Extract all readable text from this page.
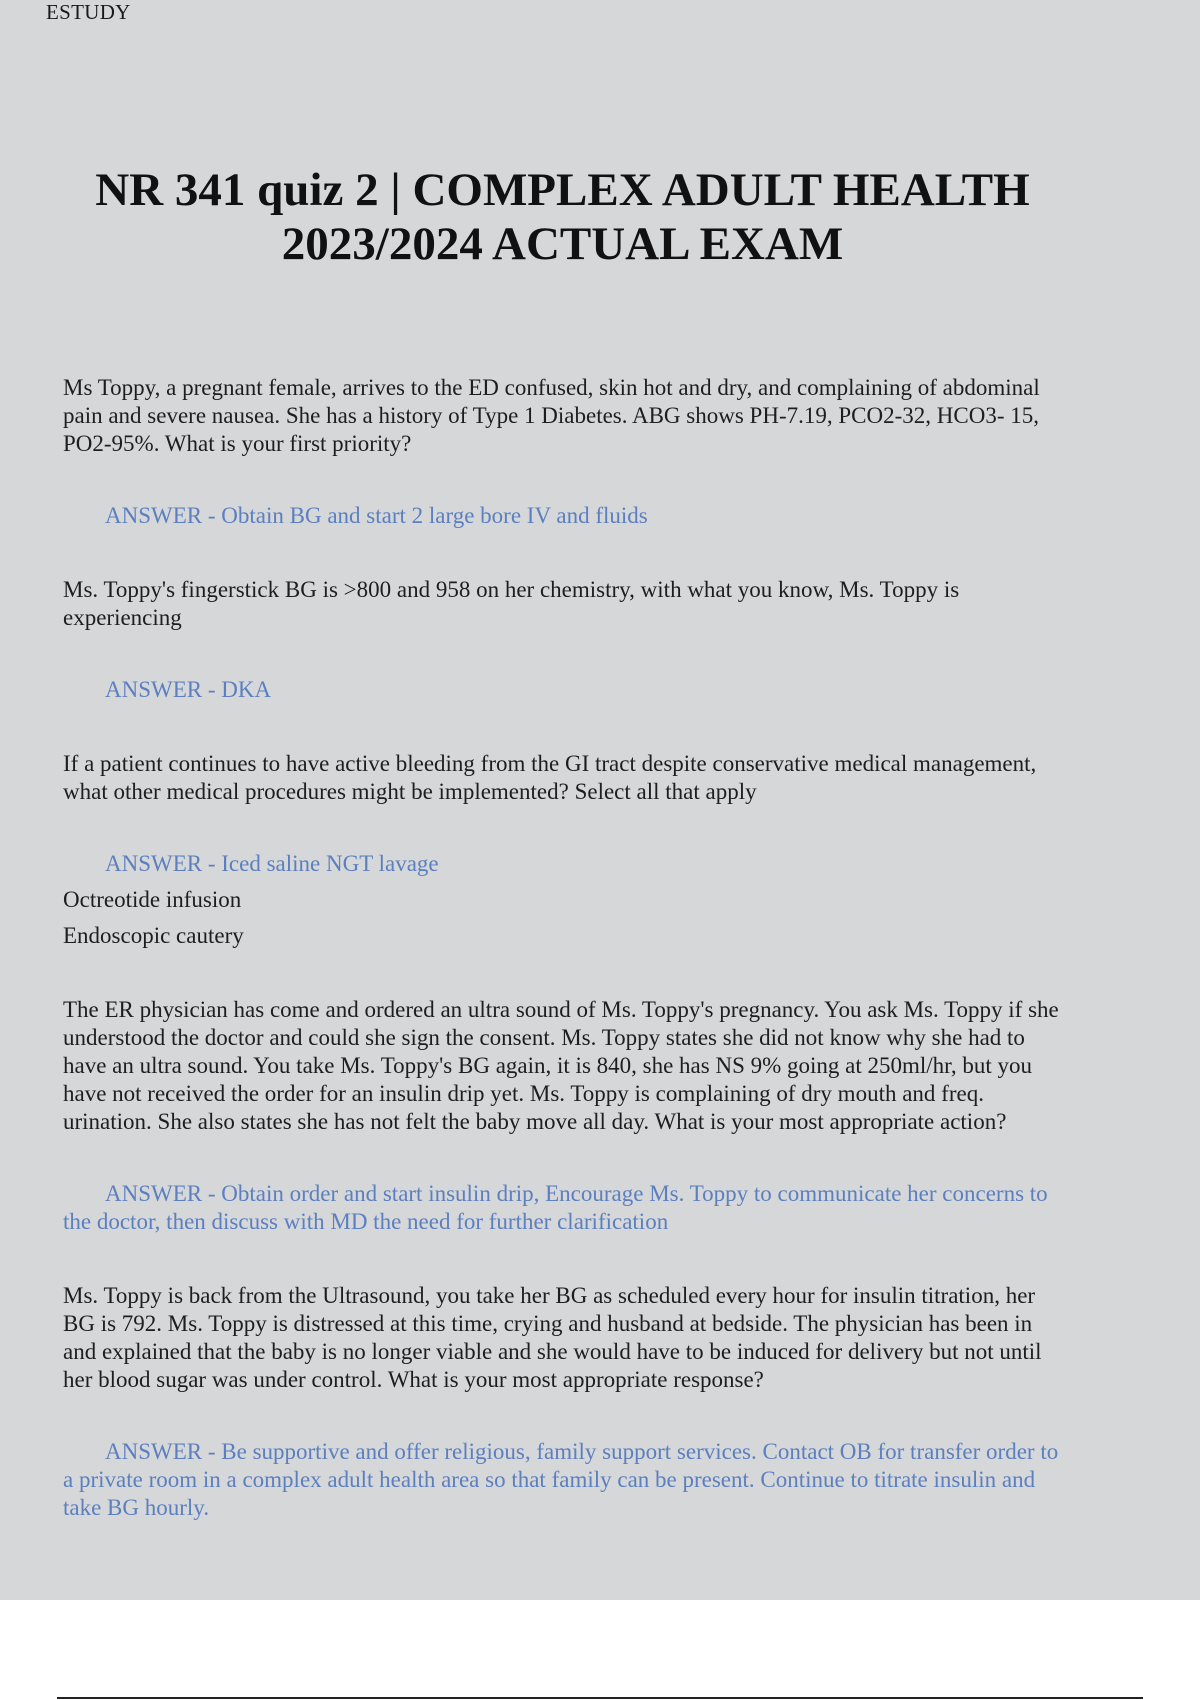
ESTUDY
NR 341 quiz 2 | COMPLEX ADULT HEALTH 2023/2024 ACTUAL EXAM

Ms Toppy, a pregnant female, arrives to the ED confused, skin hot and dry, and complaining of abdominal pain and severe nausea. She has a history of Type 1 Diabetes. ABG shows PH-7.19, PCO2-32, HCO3- 15, PO2-95%. What is your first priority?

ANSWER - Obtain BG and start 2 large bore IV and fluids

Ms. Toppy's fingerstick BG is >800 and 958 on her chemistry, with what you know, Ms. Toppy is experiencing

ANSWER - DKA

If a patient continues to have active bleeding from the GI tract despite conservative medical management, what other medical procedures might be implemented? Select all that apply

ANSWER - Iced saline NGT lavage

Octreotide infusion

Endoscopic cautery

The ER physician has come and ordered an ultra sound of Ms. Toppy's pregnancy. You ask Ms. Toppy if she understood the doctor and could she sign the consent. Ms. Toppy states she did not know why she had to have an ultra sound. You take Ms. Toppy's BG again, it is 840, she has NS 9% going at 250ml/hr, but you have not received the order for an insulin drip yet. Ms. Toppy is complaining of dry mouth and freq. urination. She also states she has not felt the baby move all day. What is your most appropriate action?

ANSWER - Obtain order and start insulin drip, Encourage Ms. Toppy to communicate her concerns to the doctor, then discuss with MD the need for further clarification

Ms. Toppy is back from the Ultrasound, you take her BG as scheduled every hour for insulin titration, her BG is 792. Ms. Toppy is distressed at this time, crying and husband at bedside. The physician has been in and explained that the baby is no longer viable and she would have to be induced for delivery but not until her blood sugar was under control. What is your most appropriate response?

ANSWER - Be supportive and offer religious, family support services. Contact OB for transfer order to a private room in a complex adult health area so that family can be present. Continue to titrate insulin and take BG hourly.
